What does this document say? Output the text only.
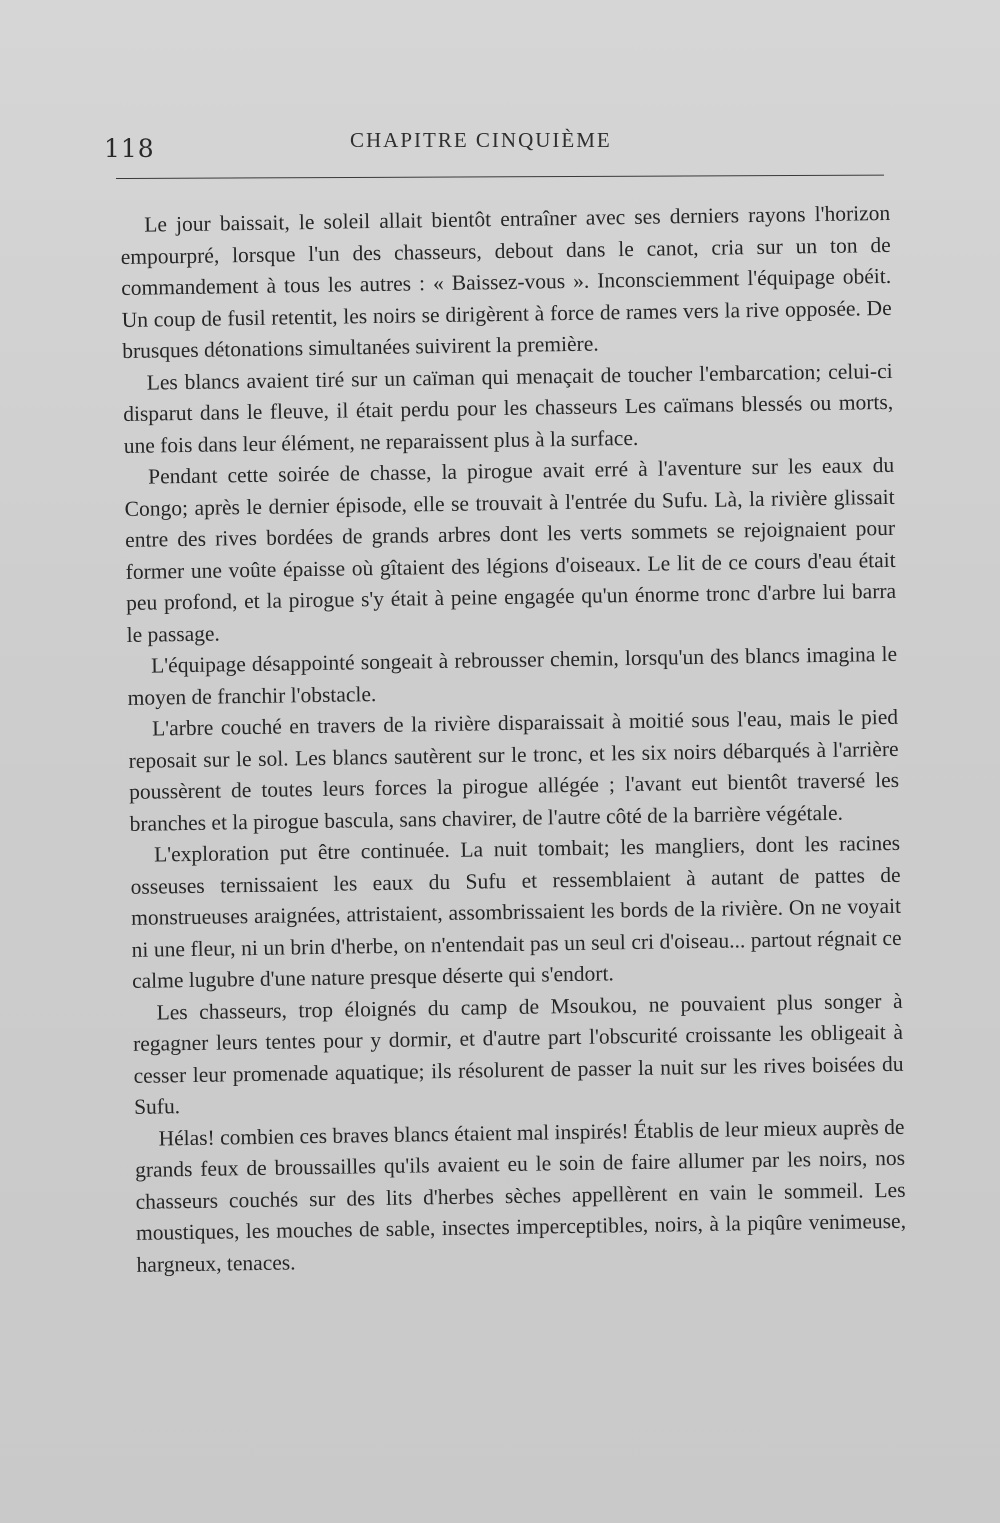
118	CHAPITRE CINQUIÈME

Le jour baissait, le soleil allait bientôt entraîner avec ses derniers rayons l'horizon empourpré, lorsque l'un des chasseurs, debout dans le canot, cria sur un ton de commandement à tous les autres : « Baissez-vous ». Inconsciemment l'équipage obéit. Un coup de fusil retentit, les noirs se dirigèrent à force de rames vers la rive opposée. De brusques détonations simultanées suivirent la première.

Les blancs avaient tiré sur un caïman qui menaçait de toucher l'embarcation; celui-ci disparut dans le fleuve, il était perdu pour les chasseurs Les caïmans blessés ou morts, une fois dans leur élément, ne reparaissent plus à la surface.

Pendant cette soirée de chasse, la pirogue avait erré à l'aventure sur les eaux du Congo; après le dernier épisode, elle se trouvait à l'entrée du Sufu. Là, la rivière glissait entre des rives bordées de grands arbres dont les verts sommets se rejoignaient pour former une voûte épaisse où gîtaient des légions d'oiseaux. Le lit de ce cours d'eau était peu profond, et la pirogue s'y était à peine engagée qu'un énorme tronc d'arbre lui barra le passage.

L'équipage désappointé songeait à rebrousser chemin, lorsqu'un des blancs imagina le moyen de franchir l'obstacle.

L'arbre couché en travers de la rivière disparaissait à moitié sous l'eau, mais le pied reposait sur le sol. Les blancs sautèrent sur le tronc, et les six noirs débarqués à l'arrière poussèrent de toutes leurs forces la pirogue allégée ; l'avant eut bientôt traversé les branches et la pirogue bascula, sans chavirer, de l'autre côté de la barrière végétale.

L'exploration put être continuée. La nuit tombait; les mangliers, dont les racines osseuses ternissaient les eaux du Sufu et ressemblaient à autant de pattes de monstrueuses araignées, attristaient, assombrissaient les bords de la rivière. On ne voyait ni une fleur, ni un brin d'herbe, on n'entendait pas un seul cri d'oiseau... partout régnait ce calme lugubre d'une nature presque déserte qui s'endort.

Les chasseurs, trop éloignés du camp de Msoukou, ne pouvaient plus songer à regagner leurs tentes pour y dormir, et d'autre part l'obscurité croissante les obligeait à cesser leur promenade aquatique; ils résolurent de passer la nuit sur les rives boisées du Sufu.

Hélas! combien ces braves blancs étaient mal inspirés! Établis de leur mieux auprès de grands feux de broussailles qu'ils avaient eu le soin de faire allumer par les noirs, nos chasseurs couchés sur des lits d'herbes sèches appellèrent en vain le sommeil. Les moustiques, les mouches de sable, insectes imperceptibles, noirs, à la piqûre venimeuse, hargneux, tenaces.
